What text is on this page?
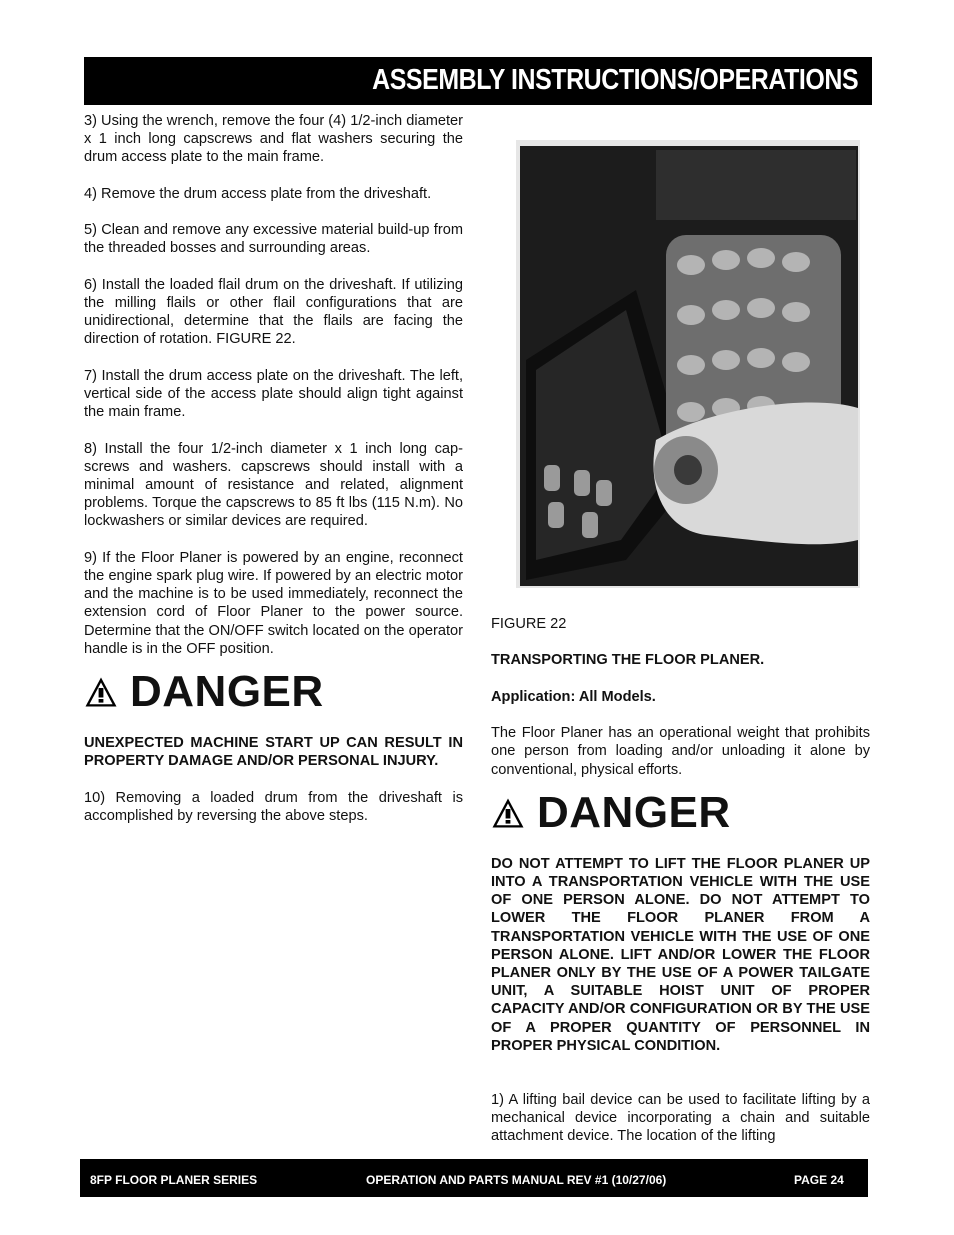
ASSEMBLY INSTRUCTIONS/OPERATIONS

3) Using the wrench, remove the four (4) 1/2-inch diameter x 1 inch long capscrews and flat washers securing the drum access plate to the main frame.

4) Remove the drum access plate from the driveshaft.

5) Clean and remove any excessive material build-up from the threaded bosses and surrounding areas.

6) Install the loaded flail drum on the driveshaft. If utilizing the milling flails or other flail configurations that are unidirectional, determine that the flails are facing the direction of rotation. FIGURE 22.

7) Install the drum access plate on the driveshaft. The left, vertical side of the access plate should align tight against the main frame.

8) Install the four 1/2-inch diameter x 1 inch long cap-screws and washers. capscrews should install with a minimal amount of resistance and related, alignment problems. Torque the capscrews to 85 ft lbs (115 N.m). No lockwashers or similar devices are required.

9) If the Floor Planer is powered by an engine, reconnect the engine spark plug wire. If powered by an electric motor and the machine is to be used immediately, reconnect the extension cord of Floor Planer to the power source. Determine that the ON/OFF switch located on the operator handle is in the OFF position.

DANGER

UNEXPECTED MACHINE START UP CAN RESULT IN PROPERTY DAMAGE AND/OR PERSONAL INJURY.

10) Removing a loaded drum from the driveshaft is accomplished by reversing the above steps.

FIGURE 22

TRANSPORTING THE FLOOR PLANER.

Application: All Models.

The Floor Planer has an operational weight that prohibits one person from loading and/or unloading it alone by conventional, physical efforts.

DANGER

DO NOT ATTEMPT TO LIFT THE FLOOR PLANER UP INTO A TRANSPORTATION VEHICLE WITH THE USE OF ONE PERSON ALONE. DO NOT ATTEMPT TO LOWER THE FLOOR PLANER FROM A TRANSPORTATION VEHICLE WITH THE USE OF ONE PERSON ALONE. LIFT AND/OR LOWER THE FLOOR PLANER ONLY BY THE USE OF A POWER TAILGATE UNIT, A SUITABLE HOIST UNIT OF PROPER CAPACITY AND/OR CONFIGURATION OR BY THE USE OF A PROPER QUANTITY OF PERSONNEL IN PROPER PHYSICAL CONDITION.

1) A lifting bail device can be used to facilitate lifting by a mechanical device incorporating a chain and suitable attachment device. The location of the lifting

8FP FLOOR PLANER SERIES	OPERATION AND PARTS MANUAL REV #1 (10/27/06)	PAGE 24
